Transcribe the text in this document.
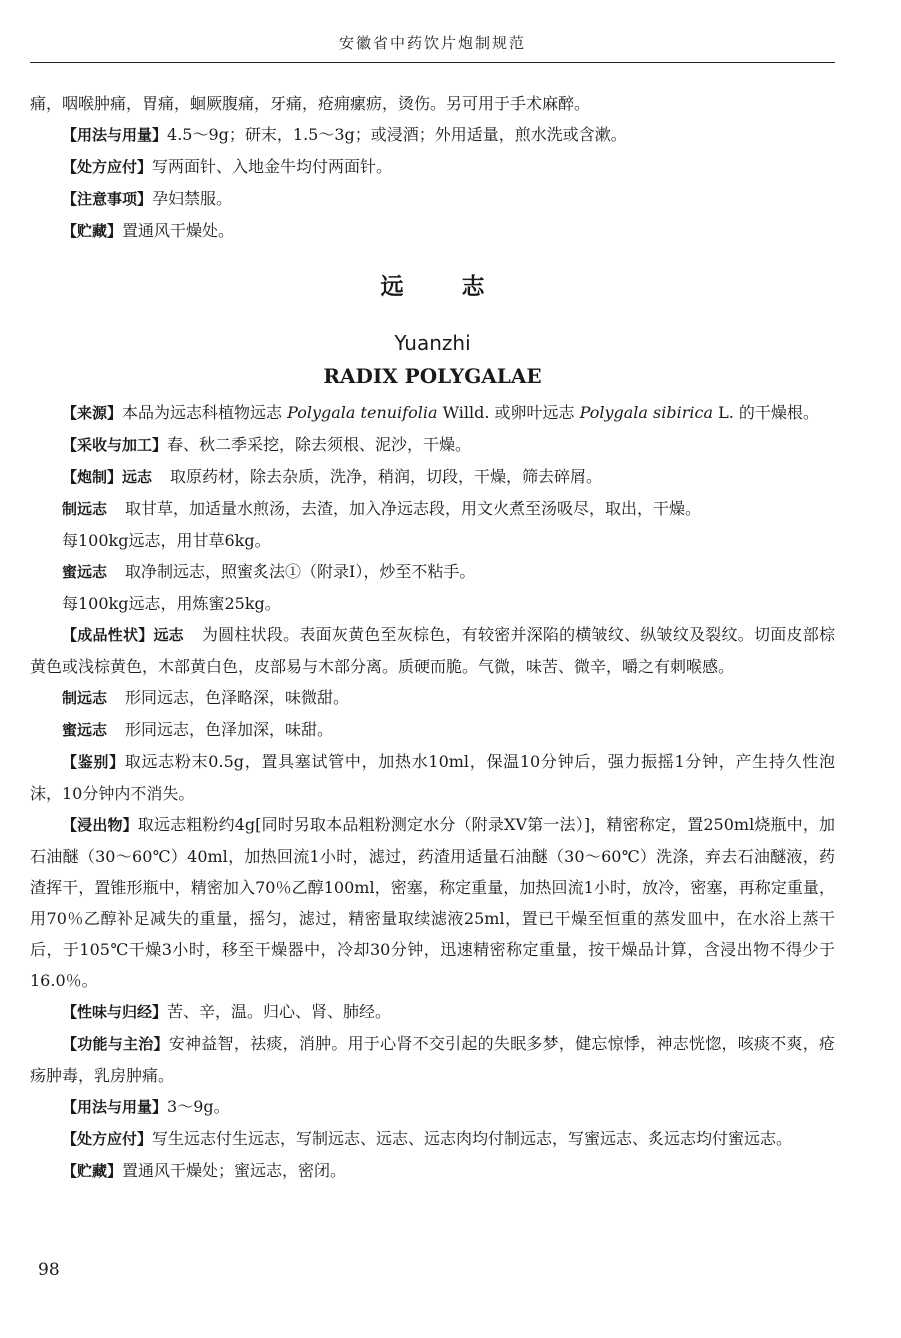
安徽省中药饮片炮制规范

痛，咽喉肿痛，胃痛，蛔厥腹痛，牙痛，疮痈瘰疬，烫伤。另可用于手术麻醉。

【用法与用量】4.5～9g；研末，1.5～3g；或浸酒；外用适量，煎水洗或含漱。

【处方应付】写两面针、入地金牛均付两面针。

【注意事项】孕妇禁服。

【贮藏】置通风干燥处。

远志
Yuanzhi
RADIX POLYGALAE

【来源】本品为远志科植物远志 Polygala tenuifolia Willd. 或卵叶远志 Polygala sibirica L. 的干燥根。

【采收与加工】春、秋二季采挖，除去须根、泥沙，干燥。

【炮制】远志 取原药材，除去杂质，洗净，稍润，切段，干燥，筛去碎屑。

制远志 取甘草，加适量水煎汤，去渣，加入净远志段，用文火煮至汤吸尽，取出，干燥。

每100kg远志，用甘草6kg。

蜜远志 取净制远志，照蜜炙法①（附录Ⅰ），炒至不粘手。

每100kg远志，用炼蜜25kg。

【成品性状】远志 为圆柱状段。表面灰黄色至灰棕色，有较密并深陷的横皱纹、纵皱纹及裂纹。切面皮部棕黄色或浅棕黄色，木部黄白色，皮部易与木部分离。质硬而脆。气微，味苦、微辛，嚼之有刺喉感。

制远志 形同远志，色泽略深，味微甜。

蜜远志 形同远志，色泽加深，味甜。

【鉴别】取远志粉末0.5g，置具塞试管中，加热水10ml，保温10分钟后，强力振摇1分钟，产生持久性泡沫，10分钟内不消失。

【浸出物】取远志粗粉约4g[同时另取本品粗粉测定水分（附录ⅩⅤ第一法）]，精密称定，置250ml烧瓶中，加石油醚（30～60℃）40ml，加热回流1小时，滤过，药渣用适量石油醚（30～60℃）洗涤，弃去石油醚液，药渣挥干，置锥形瓶中，精密加入70％乙醇100ml，密塞，称定重量，加热回流1小时，放冷，密塞，再称定重量，用70％乙醇补足减失的重量，摇匀，滤过，精密量取续滤液25ml，置已干燥至恒重的蒸发皿中，在水浴上蒸干后，于105℃干燥3小时，移至干燥器中，冷却30分钟，迅速精密称定重量，按干燥品计算，含浸出物不得少于16.0％。

【性味与归经】苦、辛，温。归心、肾、肺经。

【功能与主治】安神益智，祛痰，消肿。用于心肾不交引起的失眠多梦，健忘惊悸，神志恍惚，咳痰不爽，疮疡肿毒，乳房肿痛。

【用法与用量】3～9g。

【处方应付】写生远志付生远志，写制远志、远志、远志肉均付制远志，写蜜远志、炙远志均付蜜远志。

【贮藏】置通风干燥处；蜜远志，密闭。

98
